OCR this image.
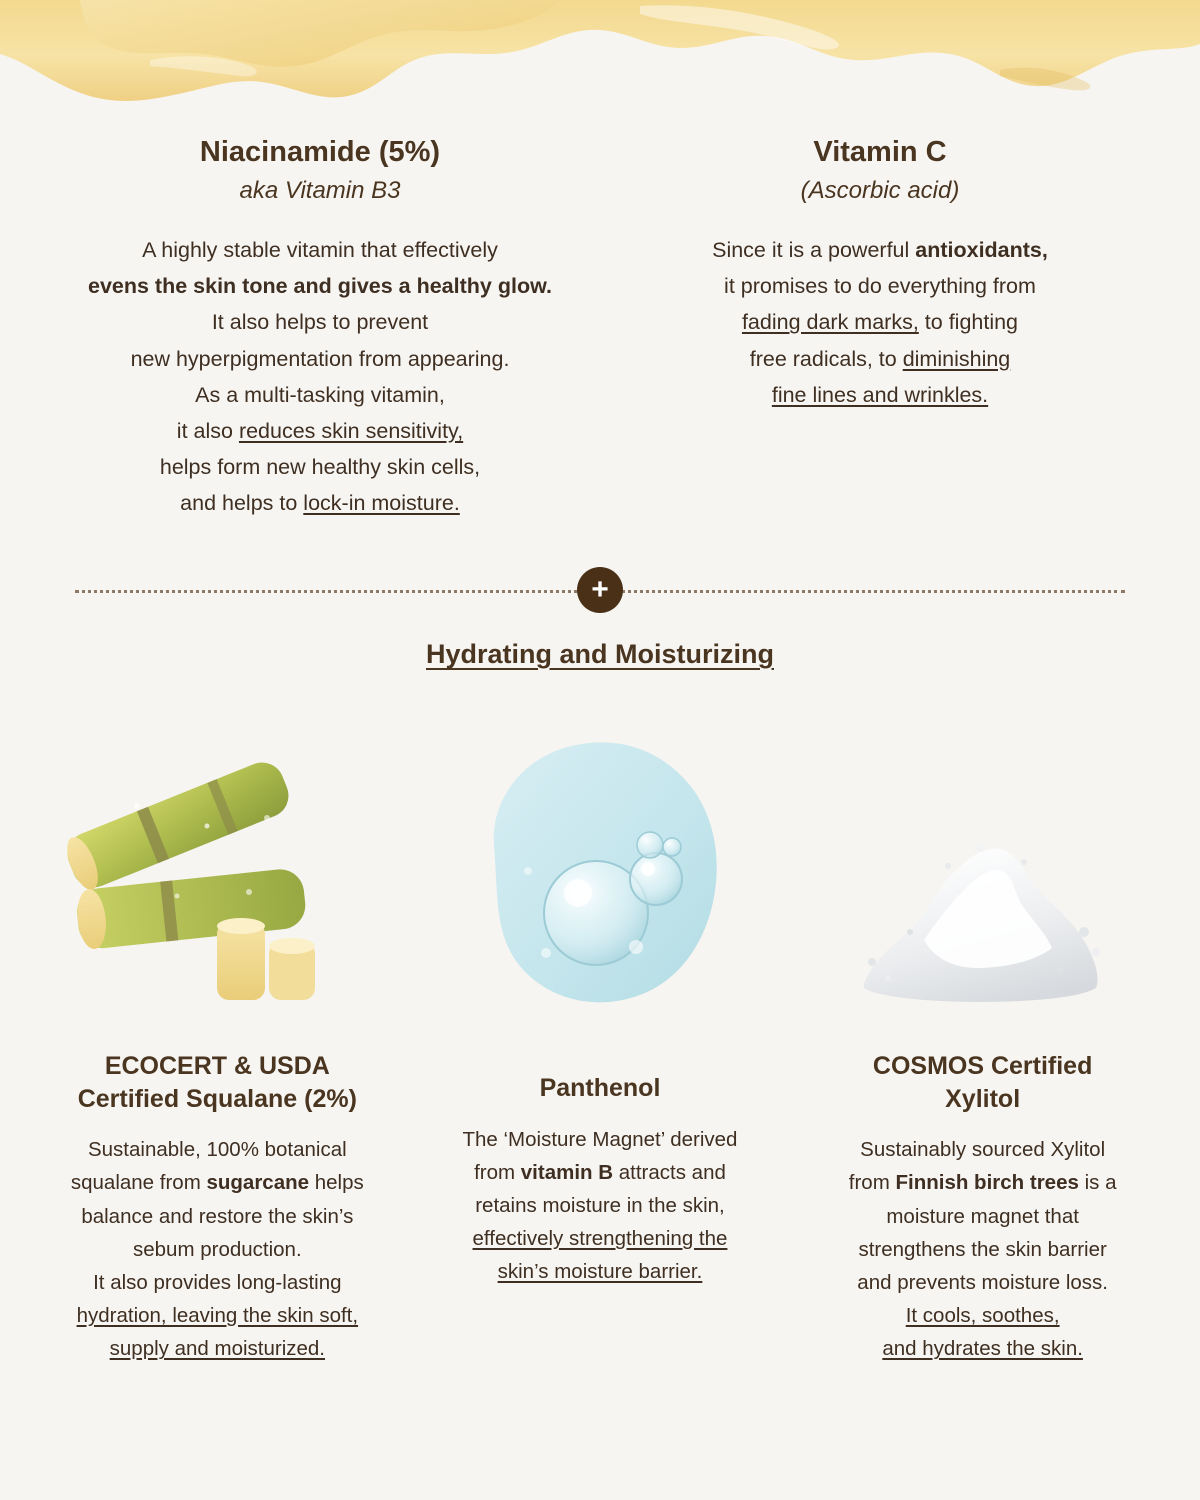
Niacinamide (5%)
aka Vitamin B3
A highly stable vitamin that effectively
evens the skin tone and gives a healthy glow.
It also helps to prevent
new hyperpigmentation from appearing.
As a multi-tasking vitamin,
it also reduces skin sensitivity,
helps form new healthy skin cells,
and helps to lock-in moisture.
Vitamin C
(Ascorbic acid)
Since it is a powerful antioxidants,
it promises to do everything from
fading dark marks, to fighting
free radicals, to diminishing
fine lines and wrinkles.
+
Hydrating and Moisturizing
ECOCERT & USDA
Certified Squalane (2%)
Sustainable, 100% botanical
squalane from sugarcane helps
balance and restore the skin’s
sebum production.
It also provides long-lasting
hydration, leaving the skin soft,
supply and moisturized.
Panthenol
The ‘Moisture Magnet’ derived
from vitamin B attracts and
retains moisture in the skin,
effectively strengthening the
skin’s moisture barrier.
COSMOS Certified
Xylitol
Sustainably sourced Xylitol
from Finnish birch trees is a
moisture magnet that
strengthens the skin barrier
and prevents moisture loss.
It cools, soothes,
and hydrates the skin.
